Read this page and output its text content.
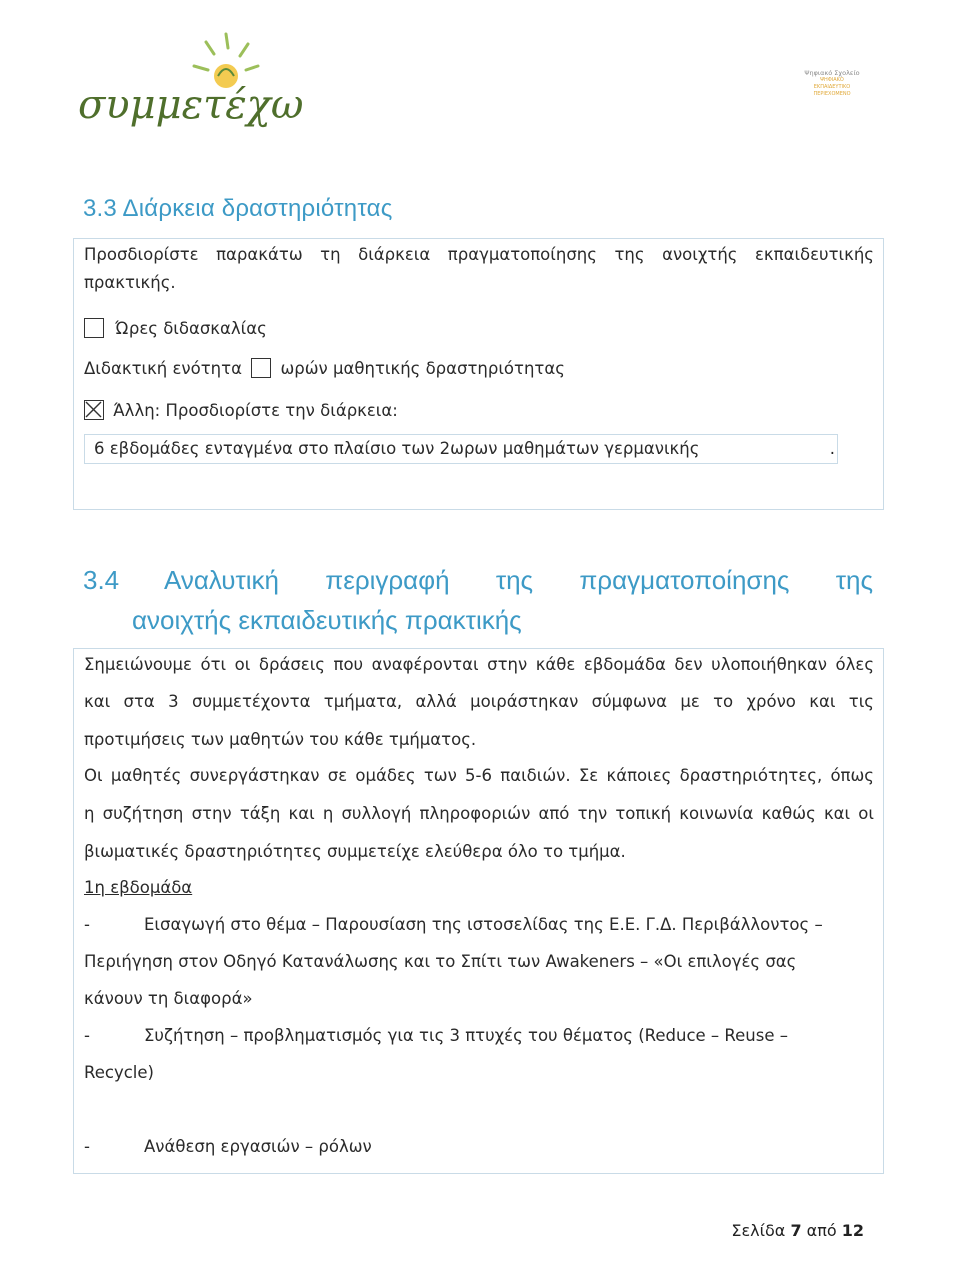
συμμετέχω
Ψηφιακό Σχολείο
ΨΗΦΙΑΚΟ
ΕΚΠΑΙΔΕΥΤΙΚΟ
ΠΕΡΙΕΧΟΜΕΝΟ
3.3 Διάρκεια δραστηριότητας
Προσδιορίστε παρακάτω τη διάρκεια πραγματοποίησης της ανοιχτής εκπαιδευτικής
πρακτικής.
Ώρες διδασκαλίας
Διδακτική ενότητα ωρών μαθητικής δραστηριότητας
Άλλη: Προσδιορίστε την διάρκεια:
6 εβδομάδες ενταγμένα στο πλαίσιο των 2ωρων μαθημάτων γερμανικής	.
3.4 Αναλυτική περιγραφή της πραγματοποίησης της
ανοιχτής εκπαιδευτικής πρακτικής
Σημειώνουμε ότι οι δράσεις που αναφέρονται στην κάθε εβδομάδα δεν υλοποιήθηκαν όλες
και στα 3 συμμετέχοντα τμήματα, αλλά μοιράστηκαν σύμφωνα με το χρόνο και τις
προτιμήσεις των μαθητών του κάθε τμήματος.
Οι μαθητές συνεργάστηκαν σε ομάδες των 5-6 παιδιών. Σε κάποιες δραστηριότητες, όπως
η συζήτηση στην τάξη και η συλλογή πληροφοριών από την τοπική κοινωνία καθώς και οι
βιωματικές δραστηριότητες συμμετείχε ελεύθερα όλο το τμήμα.
1η εβδομάδα
-	Εισαγωγή στο θέμα – Παρουσίαση της ιστοσελίδας της Ε.Ε. Γ.Δ. Περιβάλλοντος –
Περιήγηση στον Οδηγό Κατανάλωσης και το Σπίτι των Awakeners – «Οι επιλογές σας
κάνουν τη διαφορά»
-	Συζήτηση – προβληματισμός για τις 3 πτυχές του θέματος (Reduce – Reuse –
Recycle)
-	Ανάθεση εργασιών – ρόλων
Σελίδα 7 από 12
